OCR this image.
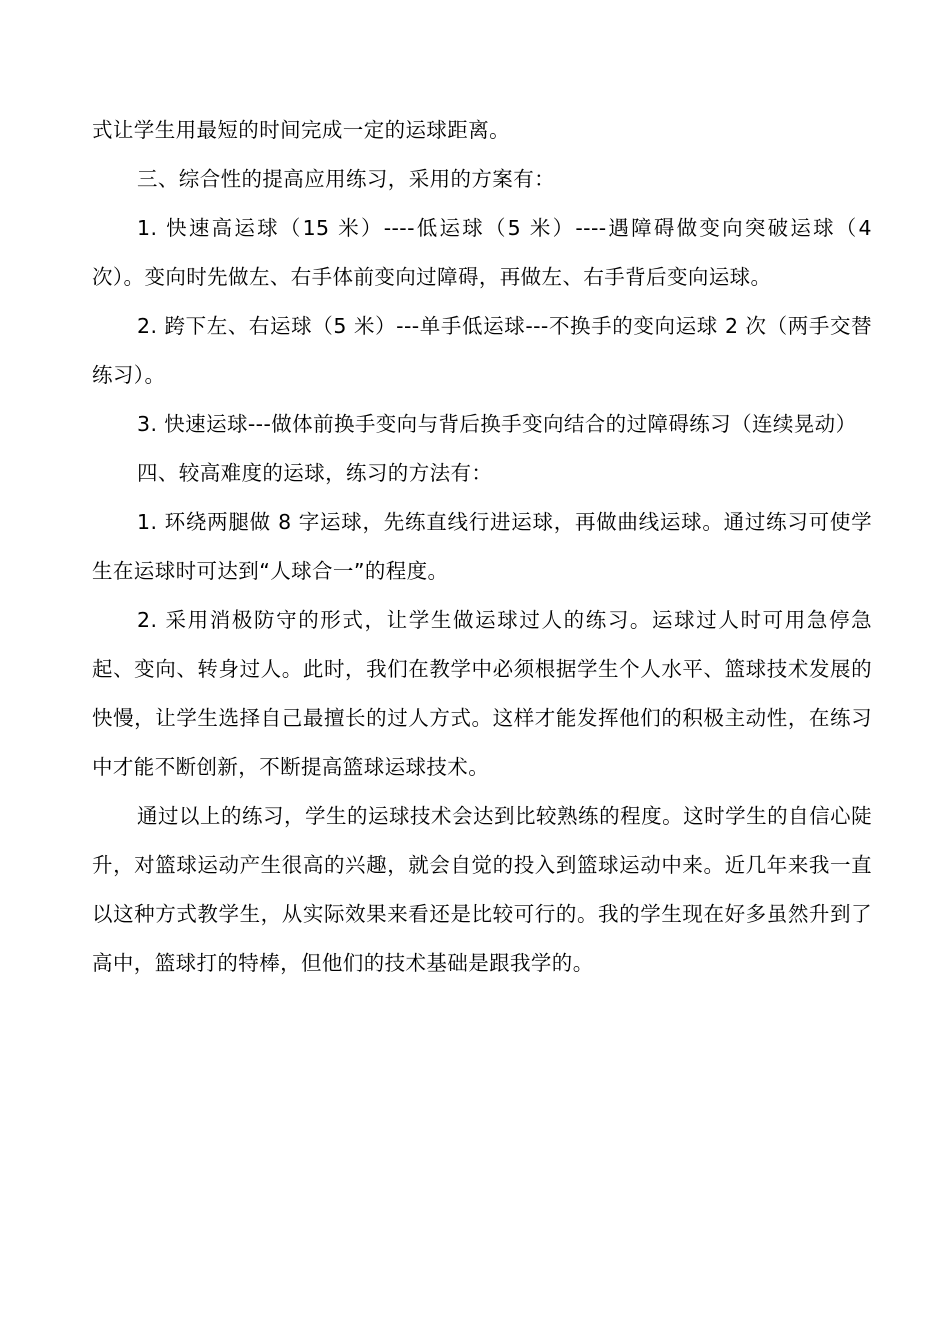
式让学生用最短的时间完成一定的运球距离。

三、综合性的提高应用练习，采用的方案有：

1. 快速高运球（15 米）----低运球（5 米）----遇障碍做变向突破运球（4 次）。变向时先做左、右手体前变向过障碍，再做左、右手背后变向运球。

2. 跨下左、右运球（5 米）---单手低运球---不换手的变向运球 2 次（两手交替练习）。

3. 快速运球---做体前换手变向与背后换手变向结合的过障碍练习（连续晃动）

四、较高难度的运球，练习的方法有：

1. 环绕两腿做 8 字运球，先练直线行进运球，再做曲线运球。通过练习可使学生在运球时可达到“人球合一”的程度。

2. 采用消极防守的形式，让学生做运球过人的练习。运球过人时可用急停急起、变向、转身过人。此时，我们在教学中必须根据学生个人水平、篮球技术发展的快慢，让学生选择自己最擅长的过人方式。这样才能发挥他们的积极主动性，在练习中才能不断创新，不断提高篮球运球技术。

通过以上的练习，学生的运球技术会达到比较熟练的程度。这时学生的自信心陡升，对篮球运动产生很高的兴趣，就会自觉的投入到篮球运动中来。近几年来我一直以这种方式教学生，从实际效果来看还是比较可行的。我的学生现在好多虽然升到了高中，篮球打的特棒，但他们的技术基础是跟我学的。
